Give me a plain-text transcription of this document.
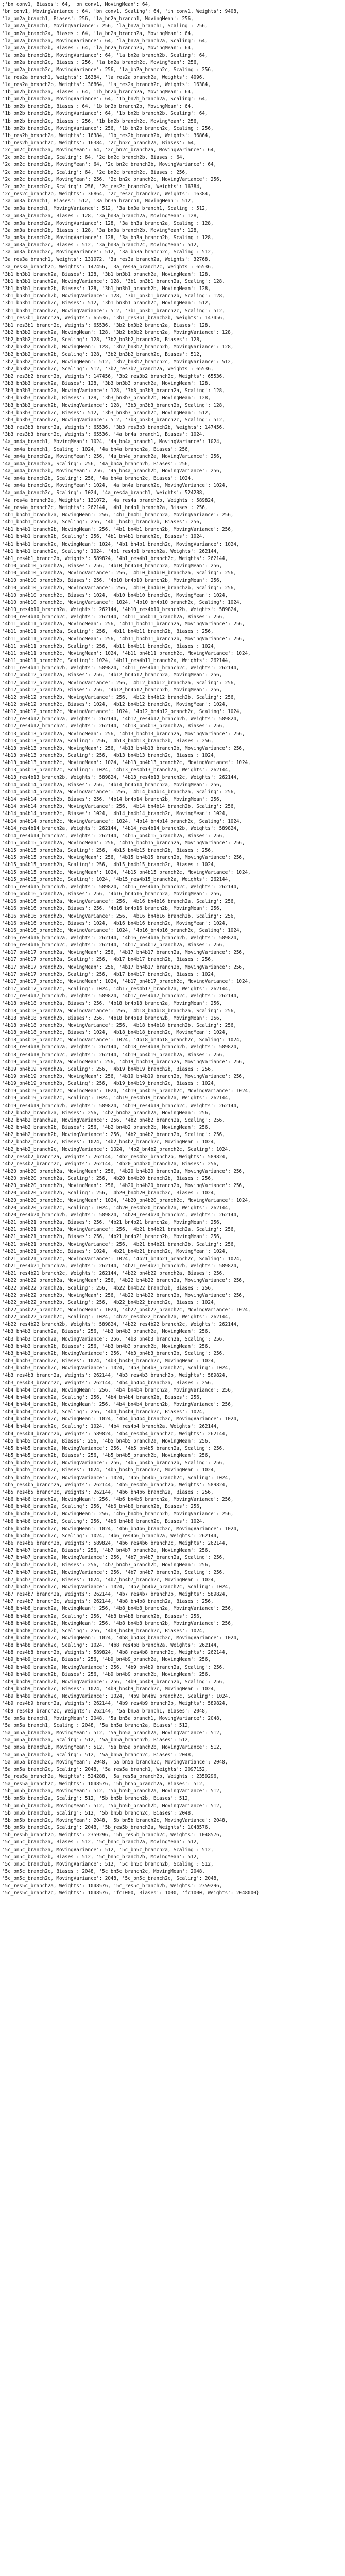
;'bn_conv1, Biases': 64, 'bn_conv1, MovingMean': 64,
'bn_conv1, MovingVariance': 64, 'bn_conv1, Scaling': 64, 'in_conv1, Weights': 9408,
'la_bn2a_branch1, Biases': 256, 'la_bn2a_branch1, MovingMean': 256,
'la_bn2a_branch1, MovingVariance': 256, 'la_bn2a_branch1, Scaling': 256,
'la_bn2a_branch2a, Biases': 64, 'la_bn2a_branch2a, MovingMean': 64,
'la_bn2a_branch2a, MovingVariance': 64, 'la_bn2a_branch2a, Scaling': 64,
'la_bn2a_branch2b, Biases': 64, 'la_bn2a_branch2b, MovingMean': 64,
'la_bn2a_branch2b, MovingVariance': 64, 'la_bn2a_branch2b, Scaling': 64,
'la_bn2a_branch2c, Biases': 256, 'la_bn2a_branch2c, MovingMean': 256,
'la_bn2a_branch2c, MovingVariance': 256, 'la_bn2a_branch2c, Scaling': 256,
'la_res2a_branch1, Weights': 16384, 'la_res2a_branch2a, Weights': 4096,
'la_res2a_branch2b, Weights': 36864, 'la_res2a_branch2c, Weights': 16384,
'1b_bn2b_branch2a, Biases': 64, '1b_bn2b_branch2a, MovingMean': 64,
'1b_bn2b_branch2a, MovingVariance': 64, '1b_bn2b_branch2a, Scaling': 64,
'1b_bn2b_branch2b, Biases': 64, '1b_bn2b_branch2b, MovingMean': 64,
'1b_bn2b_branch2b, MovingVariance': 64, '1b_bn2b_branch2b, Scaling': 64,
'1b_bn2b_branch2c, Biases': 256, '1b_bn2b_branch2c, MovingMean': 256,
'1b_bn2b_branch2c, MovingVariance': 256, '1b_bn2b_branch2c, Scaling': 256,
'1b_res2b_branch2a, Weights': 16384, '1b_res2b_branch2b, Weights': 36864,
'1b_res2b_branch2c, Weights': 16384, '2c_bn2c_branch2a, Biases': 64,
'2c_bn2c_branch2a, MovingMean': 64, '2c_bn2c_branch2a, MovingVariance': 64,
'2c_bn2c_branch2a, Scaling': 64, '2c_bn2c_branch2b, Biases': 64,
'2c_bn2c_branch2b, MovingMean': 64, '2c_bn2c_branch2b, MovingVariance': 64,
'2c_bn2c_branch2b, Scaling': 64, '2c_bn2c_branch2c, Biases': 256,
'2c_bn2c_branch2c, MovingMean': 256, '2c_bn2c_branch2c, MovingVariance': 256,
'2c_bn2c_branch2c, Scaling': 256, '2c_res2c_branch2a, Weights': 16384,
'2c_res2c_branch2b, Weights': 36864, '2c_res2c_branch2c, Weights': 16384,
'3a_bn3a_branch1, Biases': 512, '3a_bn3a_branch1, MovingMean': 512,
'3a_bn3a_branch1, MovingVariance': 512, '3a_bn3a_branch1, Scaling': 512,
'3a_bn3a_branch2a, Biases': 128, '3a_bn3a_branch2a, MovingMean': 128,
'3a_bn3a_branch2a, MovingVariance': 128, '3a_bn3a_branch2a, Scaling': 128,
'3a_bn3a_branch2b, Biases': 128, '3a_bn3a_branch2b, MovingMean': 128,
'3a_bn3a_branch2b, MovingVariance': 128, '3a_bn3a_branch2b, Scaling': 128,
'3a_bn3a_branch2c, Biases': 512, '3a_bn3a_branch2c, MovingMean': 512,
'3a_bn3a_branch2c, MovingVariance': 512, '3a_bn3a_branch2c, Scaling': 512,
'3a_res3a_branch1, Weights': 131072, '3a_res3a_branch2a, Weights': 32768,
'3a_res3a_branch2b, Weights': 147456, '3a_res3a_branch2c, Weights': 65536,
'3b1_bn3b1_branch2a, Biases': 128, '3b1_bn3b1_branch2a, MovingMean': 128,
'3b1_bn3b1_branch2a, MovingVariance': 128, '3b1_bn3b1_branch2a, Scaling': 128,
'3b1_bn3b1_branch2b, Biases': 128, '3b1_bn3b1_branch2b, MovingMean': 128,
'3b1_bn3b1_branch2b, MovingVariance': 128, '3b1_bn3b1_branch2b, Scaling': 128,
'3b1_bn3b1_branch2c, Biases': 512, '3b1_bn3b1_branch2c, MovingMean': 512,
'3b1_bn3b1_branch2c, MovingVariance': 512, '3b1_bn3b1_branch2c, Scaling': 512,
'3b1_res3b1_branch2a, Weights': 65536, '3b1_res3b1_branch2b, Weights': 147456,
'3b1_res3b1_branch2c, Weights': 65536, '3b2_bn3b2_branch2a, Biases': 128,
'3b2_bn3b2_branch2a, MovingMean': 128, '3b2_bn3b2_branch2a, MovingVariance': 128,
'3b2_bn3b2_branch2a, Scaling': 128, '3b2_bn3b2_branch2b, Biases': 128,
'3b2_bn3b2_branch2b, MovingMean': 128, '3b2_bn3b2_branch2b, MovingVariance': 128,
'3b2_bn3b2_branch2b, Scaling': 128, '3b2_bn3b2_branch2c, Biases': 512,
'3b2_bn3b2_branch2c, MovingMean': 512, '3b2_bn3b2_branch2c, MovingVariance': 512,
'3b2_bn3b2_branch2c, Scaling': 512, '3b2_res3b2_branch2a, Weights': 65536,
'3b2_res3b2_branch2b, Weights': 147456, '3b2_res3b2_branch2c, Weights': 65536,
'3b3_bn3b3_branch2a, Biases': 128, '3b3_bn3b3_branch2a, MovingMean': 128,
'3b3_bn3b3_branch2a, MovingVariance': 128, '3b3_bn3b3_branch2a, Scaling': 128,
'3b3_bn3b3_branch2b, Biases': 128, '3b3_bn3b3_branch2b, MovingMean': 128,
'3b3_bn3b3_branch2b, MovingVariance': 128, '3b3_bn3b3_branch2b, Scaling': 128,
'3b3_bn3b3_branch2c, Biases': 512, '3b3_bn3b3_branch2c, MovingMean': 512,
'3b3_bn3b3_branch2c, MovingVariance': 512, '3b3_bn3b3_branch2c, Scaling': 512,
'3b3_res3b3_branch2a, Weights': 65536, '3b3_res3b3_branch2b, Weights': 147456,
'3b3_res3b3_branch2c, Weights': 65536, '4a_bn4a_branch1, Biases': 1024,
'4a_bn4a_branch1, MovingMean': 1024, '4a_bn4a_branch1, MovingVariance': 1024,
'4a_bn4a_branch1, Scaling': 1024, '4a_bn4a_branch2a, Biases': 256,
'4a_bn4a_branch2a, MovingMean': 256, '4a_bn4a_branch2a, MovingVariance': 256,
'4a_bn4a_branch2a, Scaling': 256, '4a_bn4a_branch2b, Biases': 256,
'4a_bn4a_branch2b, MovingMean': 256, '4a_bn4a_branch2b, MovingVariance': 256,
'4a_bn4a_branch2b, Scaling': 256, '4a_bn4a_branch2c, Biases': 1024,
'4a_bn4a_branch2c, MovingMean': 1024, '4a_bn4a_branch2c, MovingVariance': 1024,
'4a_bn4a_branch2c, Scaling': 1024, '4a_res4a_branch1, Weights': 524288,
'4a_res4a_branch2a, Weights': 131072, '4a_res4a_branch2b, Weights': 589824,
'4a_res4a_branch2c, Weights': 262144, '4b1_bn4b1_branch2a, Biases': 256,
'4b1_bn4b1_branch2a, MovingMean': 256, '4b1_bn4b1_branch2a, MovingVariance': 256,
'4b1_bn4b1_branch2a, Scaling': 256, '4b1_bn4b1_branch2b, Biases': 256,
'4b1_bn4b1_branch2b, MovingMean': 256, '4b1_bn4b1_branch2b, MovingVariance': 256,
'4b1_bn4b1_branch2b, Scaling': 256, '4b1_bn4b1_branch2c, Biases': 1024,
'4b1_bn4b1_branch2c, MovingMean': 1024, '4b1_bn4b1_branch2c, MovingVariance': 1024,
'4b1_bn4b1_branch2c, Scaling': 1024, '4b1_res4b1_branch2a, Weights': 262144,
'4b1_res4b1_branch2b, Weights': 589824, '4b1_res4b1_branch2c, Weights': 262144,
'4b10_bn4b10_branch2a, Biases': 256, '4b10_bn4b10_branch2a, MovingMean': 256,
'4b10_bn4b10_branch2a, MovingVariance': 256, '4b10_bn4b10_branch2a, Scaling': 256,
'4b10_bn4b10_branch2b, Biases': 256, '4b10_bn4b10_branch2b, MovingMean': 256,
'4b10_bn4b10_branch2b, MovingVariance': 256, '4b10_bn4b10_branch2b, Scaling': 256,
'4b10_bn4b10_branch2c, Biases': 1024, '4b10_bn4b10_branch2c, MovingMean': 1024,
'4b10_bn4b10_branch2c, MovingVariance': 1024, '4b10_bn4b10_branch2c, Scaling': 1024,
'4b10_res4b10_branch2a, Weights': 262144, '4b10_res4b10_branch2b, Weights': 589824,
'4b10_res4b10_branch2c, Weights': 262144, '4b11_bn4b11_branch2a, Biases': 256,
'4b11_bn4b11_branch2a, MovingMean': 256, '4b11_bn4b11_branch2a, MovingVariance': 256,
'4b11_bn4b11_branch2a, Scaling': 256, '4b11_bn4b11_branch2b, Biases': 256,
'4b11_bn4b11_branch2b, MovingMean': 256, '4b11_bn4b11_branch2b, MovingVariance': 256,
'4b11_bn4b11_branch2b, Scaling': 256, '4b11_bn4b11_branch2c, Biases': 1024,
'4b11_bn4b11_branch2c, MovingMean': 1024, '4b11_bn4b11_branch2c, MovingVariance': 1024,
'4b11_bn4b11_branch2c, Scaling': 1024, '4b11_res4b11_branch2a, Weights': 262144,
'4b11_res4b11_branch2b, Weights': 589824, '4b11_res4b11_branch2c, Weights': 262144,
'4b12_bn4b12_branch2a, Biases': 256, '4b12_bn4b12_branch2a, MovingMean': 256,
'4b12_bn4b12_branch2a, MovingVariance': 256, '4b12_bn4b12_branch2a, Scaling': 256,
'4b12_bn4b12_branch2b, Biases': 256, '4b12_bn4b12_branch2b, MovingMean': 256,
'4b12_bn4b12_branch2b, MovingVariance': 256, '4b12_bn4b12_branch2b, Scaling': 256,
'4b12_bn4b12_branch2c, Biases': 1024, '4b12_bn4b12_branch2c, MovingMean': 1024,
'4b12_bn4b12_branch2c, MovingVariance': 1024, '4b12_bn4b12_branch2c, Scaling': 1024,
'4b12_res4b12_branch2a, Weights': 262144, '4b12_res4b12_branch2b, Weights': 589824,
'4b12_res4b12_branch2c, Weights': 262144, '4b13_bn4b13_branch2a, Biases': 256,
'4b13_bn4b13_branch2a, MovingMean': 256, '4b13_bn4b13_branch2a, MovingVariance': 256,
'4b13_bn4b13_branch2a, Scaling': 256, '4b13_bn4b13_branch2b, Biases': 256,
'4b13_bn4b13_branch2b, MovingMean': 256, '4b13_bn4b13_branch2b, MovingVariance': 256,
'4b13_bn4b13_branch2b, Scaling': 256, '4b13_bn4b13_branch2c, Biases': 1024,
'4b13_bn4b13_branch2c, MovingMean': 1024, '4b13_bn4b13_branch2c, MovingVariance': 1024,
'4b13_bn4b13_branch2c, Scaling': 1024, '4b13_res4b13_branch2a, Weights': 262144,
'4b13_res4b13_branch2b, Weights': 589824, '4b13_res4b13_branch2c, Weights': 262144,
'4b14_bn4b14_branch2a, Biases': 256, '4b14_bn4b14_branch2a, MovingMean': 256,
'4b14_bn4b14_branch2a, MovingVariance': 256, '4b14_bn4b14_branch2a, Scaling': 256,
'4b14_bn4b14_branch2b, Biases': 256, '4b14_bn4b14_branch2b, MovingMean': 256,
'4b14_bn4b14_branch2b, MovingVariance': 256, '4b14_bn4b14_branch2b, Scaling': 256,
'4b14_bn4b14_branch2c, Biases': 1024, '4b14_bn4b14_branch2c, MovingMean': 1024,
'4b14_bn4b14_branch2c, MovingVariance': 1024, '4b14_bn4b14_branch2c, Scaling': 1024,
'4b14_res4b14_branch2a, Weights': 262144, '4b14_res4b14_branch2b, Weights': 589824,
'4b14_res4b14_branch2c, Weights': 262144, '4b15_bn4b15_branch2a, Biases': 256,
'4b15_bn4b15_branch2a, MovingMean': 256, '4b15_bn4b15_branch2a, MovingVariance': 256,
'4b15_bn4b15_branch2a, Scaling': 256, '4b15_bn4b15_branch2b, Biases': 256,
'4b15_bn4b15_branch2b, MovingMean': 256, '4b15_bn4b15_branch2b, MovingVariance': 256,
'4b15_bn4b15_branch2b, Scaling': 256, '4b15_bn4b15_branch2c, Biases': 1024,
'4b15_bn4b15_branch2c, MovingMean': 1024, '4b15_bn4b15_branch2c, MovingVariance': 1024,
'4b15_bn4b15_branch2c, Scaling': 1024, '4b15_res4b15_branch2a, Weights': 262144,
'4b15_res4b15_branch2b, Weights': 589824, '4b15_res4b15_branch2c, Weights': 262144,
'4b16_bn4b16_branch2a, Biases': 256, '4b16_bn4b16_branch2a, MovingMean': 256,
'4b16_bn4b16_branch2a, MovingVariance': 256, '4b16_bn4b16_branch2a, Scaling': 256,
'4b16_bn4b16_branch2b, Biases': 256, '4b16_bn4b16_branch2b, MovingMean': 256,
'4b16_bn4b16_branch2b, MovingVariance': 256, '4b16_bn4b16_branch2b, Scaling': 256,
'4b16_bn4b16_branch2c, Biases': 1024, '4b16_bn4b16_branch2c, MovingMean': 1024,
'4b16_bn4b16_branch2c, MovingVariance': 1024, '4b16_bn4b16_branch2c, Scaling': 1024,
'4b16_res4b16_branch2a, Weights': 262144, '4b16_res4b16_branch2b, Weights': 589824,
'4b16_res4b16_branch2c, Weights': 262144, '4b17_bn4b17_branch2a, Biases': 256,
'4b17_bn4b17_branch2a, MovingMean': 256, '4b17_bn4b17_branch2a, MovingVariance': 256,
'4b17_bn4b17_branch2a, Scaling': 256, '4b17_bn4b17_branch2b, Biases': 256,
'4b17_bn4b17_branch2b, MovingMean': 256, '4b17_bn4b17_branch2b, MovingVariance': 256,
'4b17_bn4b17_branch2b, Scaling': 256, '4b17_bn4b17_branch2c, Biases': 1024,
'4b17_bn4b17_branch2c, MovingMean': 1024, '4b17_bn4b17_branch2c, MovingVariance': 1024,
'4b17_bn4b17_branch2c, Scaling': 1024, '4b17_res4b17_branch2a, Weights': 262144,
'4b17_res4b17_branch2b, Weights': 589824, '4b17_res4b17_branch2c, Weights': 262144,
'4b18_bn4b18_branch2a, Biases': 256, '4b18_bn4b18_branch2a, MovingMean': 256,
'4b18_bn4b18_branch2a, MovingVariance': 256, '4b18_bn4b18_branch2a, Scaling': 256,
'4b18_bn4b18_branch2b, Biases': 256, '4b18_bn4b18_branch2b, MovingMean': 256,
'4b18_bn4b18_branch2b, MovingVariance': 256, '4b18_bn4b18_branch2b, Scaling': 256,
'4b18_bn4b18_branch2c, Biases': 1024, '4b18_bn4b18_branch2c, MovingMean': 1024,
'4b18_bn4b18_branch2c, MovingVariance': 1024, '4b18_bn4b18_branch2c, Scaling': 1024,
'4b18_res4b18_branch2a, Weights': 262144, '4b18_res4b18_branch2b, Weights': 589824,
'4b18_res4b18_branch2c, Weights': 262144, '4b19_bn4b19_branch2a, Biases': 256,
'4b19_bn4b19_branch2a, MovingMean': 256, '4b19_bn4b19_branch2a, MovingVariance': 256,
'4b19_bn4b19_branch2a, Scaling': 256, '4b19_bn4b19_branch2b, Biases': 256,
'4b19_bn4b19_branch2b, MovingMean': 256, '4b19_bn4b19_branch2b, MovingVariance': 256,
'4b19_bn4b19_branch2b, Scaling': 256, '4b19_bn4b19_branch2c, Biases': 1024,
'4b19_bn4b19_branch2c, MovingMean': 1024, '4b19_bn4b19_branch2c, MovingVariance': 1024,
'4b19_bn4b19_branch2c, Scaling': 1024, '4b19_res4b19_branch2a, Weights': 262144,
'4b19_res4b19_branch2b, Weights': 589824, '4b19_res4b19_branch2c, Weights': 262144,
'4b2_bn4b2_branch2a, Biases': 256, '4b2_bn4b2_branch2a, MovingMean': 256,
'4b2_bn4b2_branch2a, MovingVariance': 256, '4b2_bn4b2_branch2a, Scaling': 256,
'4b2_bn4b2_branch2b, Biases': 256, '4b2_bn4b2_branch2b, MovingMean': 256,
'4b2_bn4b2_branch2b, MovingVariance': 256, '4b2_bn4b2_branch2b, Scaling': 256,
'4b2_bn4b2_branch2c, Biases': 1024, '4b2_bn4b2_branch2c, MovingMean': 1024,
'4b2_bn4b2_branch2c, MovingVariance': 1024, '4b2_bn4b2_branch2c, Scaling': 1024,
'4b2_res4b2_branch2a, Weights': 262144, '4b2_res4b2_branch2b, Weights': 589824,
'4b2_res4b2_branch2c, Weights': 262144, '4b20_bn4b20_branch2a, Biases': 256,
'4b20_bn4b20_branch2a, MovingMean': 256, '4b20_bn4b20_branch2a, MovingVariance': 256,
'4b20_bn4b20_branch2a, Scaling': 256, '4b20_bn4b20_branch2b, Biases': 256,
'4b20_bn4b20_branch2b, MovingMean': 256, '4b20_bn4b20_branch2b, MovingVariance': 256,
'4b20_bn4b20_branch2b, Scaling': 256, '4b20_bn4b20_branch2c, Biases': 1024,
'4b20_bn4b20_branch2c, MovingMean': 1024, '4b20_bn4b20_branch2c, MovingVariance': 1024,
'4b20_bn4b20_branch2c, Scaling': 1024, '4b20_res4b20_branch2a, Weights': 262144,
'4b20_res4b20_branch2b, Weights': 589824, '4b20_res4b20_branch2c, Weights': 262144,
'4b21_bn4b21_branch2a, Biases': 256, '4b21_bn4b21_branch2a, MovingMean': 256,
'4b21_bn4b21_branch2a, MovingVariance': 256, '4b21_bn4b21_branch2a, Scaling': 256,
'4b21_bn4b21_branch2b, Biases': 256, '4b21_bn4b21_branch2b, MovingMean': 256,
'4b21_bn4b21_branch2b, MovingVariance': 256, '4b21_bn4b21_branch2b, Scaling': 256,
'4b21_bn4b21_branch2c, Biases': 1024, '4b21_bn4b21_branch2c, MovingMean': 1024,
'4b21_bn4b21_branch2c, MovingVariance': 1024, '4b21_bn4b21_branch2c, Scaling': 1024,
'4b21_res4b21_branch2a, Weights': 262144, '4b21_res4b21_branch2b, Weights': 589824,
'4b21_res4b21_branch2c, Weights': 262144, '4b22_bn4b22_branch2a, Biases': 256,
'4b22_bn4b22_branch2a, MovingMean': 256, '4b22_bn4b22_branch2a, MovingVariance': 256,
'4b22_bn4b22_branch2a, Scaling': 256, '4b22_bn4b22_branch2b, Biases': 256,
'4b22_bn4b22_branch2b, MovingMean': 256, '4b22_bn4b22_branch2b, MovingVariance': 256,
'4b22_bn4b22_branch2b, Scaling': 256, '4b22_bn4b22_branch2c, Biases': 1024,
'4b22_bn4b22_branch2c, MovingMean': 1024, '4b22_bn4b22_branch2c, MovingVariance': 1024,
'4b22_bn4b22_branch2c, Scaling': 1024, '4b22_res4b22_branch2a, Weights': 262144,
'4b22_res4b22_branch2b, Weights': 589824, '4b22_res4b22_branch2c, Weights': 262144,
'4b3_bn4b3_branch2a, Biases': 256, '4b3_bn4b3_branch2a, MovingMean': 256,
'4b3_bn4b3_branch2a, MovingVariance': 256, '4b3_bn4b3_branch2a, Scaling': 256,
'4b3_bn4b3_branch2b, Biases': 256, '4b3_bn4b3_branch2b, MovingMean': 256,
'4b3_bn4b3_branch2b, MovingVariance': 256, '4b3_bn4b3_branch2b, Scaling': 256,
'4b3_bn4b3_branch2c, Biases': 1024, '4b3_bn4b3_branch2c, MovingMean': 1024,
'4b3_bn4b3_branch2c, MovingVariance': 1024, '4b3_bn4b3_branch2c, Scaling': 1024,
'4b3_res4b3_branch2a, Weights': 262144, '4b3_res4b3_branch2b, Weights': 589824,
'4b3_res4b3_branch2c, Weights': 262144, '4b4_bn4b4_branch2a, Biases': 256,
'4b4_bn4b4_branch2a, MovingMean': 256, '4b4_bn4b4_branch2a, MovingVariance': 256,
'4b4_bn4b4_branch2a, Scaling': 256, '4b4_bn4b4_branch2b, Biases': 256,
'4b4_bn4b4_branch2b, MovingMean': 256, '4b4_bn4b4_branch2b, MovingVariance': 256,
'4b4_bn4b4_branch2b, Scaling': 256, '4b4_bn4b4_branch2c, Biases': 1024,
'4b4_bn4b4_branch2c, MovingMean': 1024, '4b4_bn4b4_branch2c, MovingVariance': 1024,
'4b4_bn4b4_branch2c, Scaling': 1024, '4b4_res4b4_branch2a, Weights': 262144,
'4b4_res4b4_branch2b, Weights': 589824, '4b4_res4b4_branch2c, Weights': 262144,
'4b5_bn4b5_branch2a, Biases': 256, '4b5_bn4b5_branch2a, MovingMean': 256,
'4b5_bn4b5_branch2a, MovingVariance': 256, '4b5_bn4b5_branch2a, Scaling': 256,
'4b5_bn4b5_branch2b, Biases': 256, '4b5_bn4b5_branch2b, MovingMean': 256,
'4b5_bn4b5_branch2b, MovingVariance': 256, '4b5_bn4b5_branch2b, Scaling': 256,
'4b5_bn4b5_branch2c, Biases': 1024, '4b5_bn4b5_branch2c, MovingMean': 1024,
'4b5_bn4b5_branch2c, MovingVariance': 1024, '4b5_bn4b5_branch2c, Scaling': 1024,
'4b5_res4b5_branch2a, Weights': 262144, '4b5_res4b5_branch2b, Weights': 589824,
'4b5_res4b5_branch2c, Weights': 262144, '4b6_bn4b6_branch2a, Biases': 256,
'4b6_bn4b6_branch2a, MovingMean': 256, '4b6_bn4b6_branch2a, MovingVariance': 256,
'4b6_bn4b6_branch2a, Scaling': 256, '4b6_bn4b6_branch2b, Biases': 256,
'4b6_bn4b6_branch2b, MovingMean': 256, '4b6_bn4b6_branch2b, MovingVariance': 256,
'4b6_bn4b6_branch2b, Scaling': 256, '4b6_bn4b6_branch2c, Biases': 1024,
'4b6_bn4b6_branch2c, MovingMean': 1024, '4b6_bn4b6_branch2c, MovingVariance': 1024,
'4b6_bn4b6_branch2c, Scaling': 1024, '4b6_res4b6_branch2a, Weights': 262144,
'4b6_res4b6_branch2b, Weights': 589824, '4b6_res4b6_branch2c, Weights': 262144,
'4b7_bn4b7_branch2a, Biases': 256, '4b7_bn4b7_branch2a, MovingMean': 256,
'4b7_bn4b7_branch2a, MovingVariance': 256, '4b7_bn4b7_branch2a, Scaling': 256,
'4b7_bn4b7_branch2b, Biases': 256, '4b7_bn4b7_branch2b, MovingMean': 256,
'4b7_bn4b7_branch2b, MovingVariance': 256, '4b7_bn4b7_branch2b, Scaling': 256,
'4b7_bn4b7_branch2c, Biases': 1024, '4b7_bn4b7_branch2c, MovingMean': 1024,
'4b7_bn4b7_branch2c, MovingVariance': 1024, '4b7_bn4b7_branch2c, Scaling': 1024,
'4b7_res4b7_branch2a, Weights': 262144, '4b7_res4b7_branch2b, Weights': 589824,
'4b7_res4b7_branch2c, Weights': 262144, '4b8_bn4b8_branch2a, Biases': 256,
'4b8_bn4b8_branch2a, MovingMean': 256, '4b8_bn4b8_branch2a, MovingVariance': 256,
'4b8_bn4b8_branch2a, Scaling': 256, '4b8_bn4b8_branch2b, Biases': 256,
'4b8_bn4b8_branch2b, MovingMean': 256, '4b8_bn4b8_branch2b, MovingVariance': 256,
'4b8_bn4b8_branch2b, Scaling': 256, '4b8_bn4b8_branch2c, Biases': 1024,
'4b8_bn4b8_branch2c, MovingMean': 1024, '4b8_bn4b8_branch2c, MovingVariance': 1024,
'4b8_bn4b8_branch2c, Scaling': 1024, '4b8_res4b8_branch2a, Weights': 262144,
'4b8_res4b8_branch2b, Weights': 589824, '4b8_res4b8_branch2c, Weights': 262144,
'4b9_bn4b9_branch2a, Biases': 256, '4b9_bn4b9_branch2a, MovingMean': 256,
'4b9_bn4b9_branch2a, MovingVariance': 256, '4b9_bn4b9_branch2a, Scaling': 256,
'4b9_bn4b9_branch2b, Biases': 256, '4b9_bn4b9_branch2b, MovingMean': 256,
'4b9_bn4b9_branch2b, MovingVariance': 256, '4b9_bn4b9_branch2b, Scaling': 256,
'4b9_bn4b9_branch2c, Biases': 1024, '4b9_bn4b9_branch2c, MovingMean': 1024,
'4b9_bn4b9_branch2c, MovingVariance': 1024, '4b9_bn4b9_branch2c, Scaling': 1024,
'4b9_res4b9_branch2a, Weights': 262144, '4b9_res4b9_branch2b, Weights': 589824,
'4b9_res4b9_branch2c, Weights': 262144, '5a_bn5a_branch1, Biases': 2048,
'5a_bn5a_branch1, MovingMean': 2048, '5a_bn5a_branch1, MovingVariance': 2048,
'5a_bn5a_branch1, Scaling': 2048, '5a_bn5a_branch2a, Biases': 512,
'5a_bn5a_branch2a, MovingMean': 512, '5a_bn5a_branch2a, MovingVariance': 512,
'5a_bn5a_branch2a, Scaling': 512, '5a_bn5a_branch2b, Biases': 512,
'5a_bn5a_branch2b, MovingMean': 512, '5a_bn5a_branch2b, MovingVariance': 512,
'5a_bn5a_branch2b, Scaling': 512, '5a_bn5a_branch2c, Biases': 2048,
'5a_bn5a_branch2c, MovingMean': 2048, '5a_bn5a_branch2c, MovingVariance': 2048,
'5a_bn5a_branch2c, Scaling': 2048, '5a_res5a_branch1, Weights': 2097152,
'5a_res5a_branch2a, Weights': 524288, '5a_res5a_branch2b, Weights': 2359296,
'5a_res5a_branch2c, Weights': 1048576, '5b_bn5b_branch2a, Biases': 512,
'5b_bn5b_branch2a, MovingMean': 512, '5b_bn5b_branch2a, MovingVariance': 512,
'5b_bn5b_branch2a, Scaling': 512, '5b_bn5b_branch2b, Biases': 512,
'5b_bn5b_branch2b, MovingMean': 512, '5b_bn5b_branch2b, MovingVariance': 512,
'5b_bn5b_branch2b, Scaling': 512, '5b_bn5b_branch2c, Biases': 2048,
'5b_bn5b_branch2c, MovingMean': 2048, '5b_bn5b_branch2c, MovingVariance': 2048,
'5b_bn5b_branch2c, Scaling': 2048, '5b_res5b_branch2a, Weights': 1048576,
'5b_res5b_branch2b, Weights': 2359296, '5b_res5b_branch2c, Weights': 1048576,
'5c_bn5c_branch2a, Biases': 512, '5c_bn5c_branch2a, MovingMean': 512,
'5c_bn5c_branch2a, MovingVariance': 512, '5c_bn5c_branch2a, Scaling': 512,
'5c_bn5c_branch2b, Biases': 512, '5c_bn5c_branch2b, MovingMean': 512,
'5c_bn5c_branch2b, MovingVariance': 512, '5c_bn5c_branch2b, Scaling': 512,
'5c_bn5c_branch2c, Biases': 2048, '5c_bn5c_branch2c, MovingMean': 2048,
'5c_bn5c_branch2c, MovingVariance': 2048, '5c_bn5c_branch2c, Scaling': 2048,
'5c_res5c_branch2a, Weights': 1048576, '5c_res5c_branch2b, Weights': 2359296,
'5c_res5c_branch2c, Weights': 1048576, 'fc1000, Biases': 1000, 'fc1000, Weights': 2048000}
